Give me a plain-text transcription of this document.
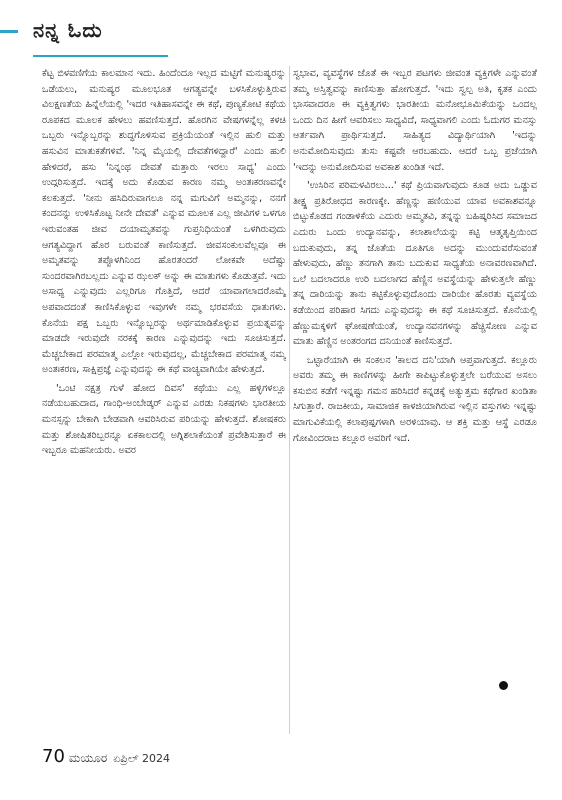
ನನ್ನ ಓದು

ಕೆಟ್ಟ ಬಿಳವಣಿಗೆಯ ಕಾಲಮಾನ ಇದು. ಹಿಂದೆಂದೂ ಇಲ್ಲದ ಮಟ್ಟಿಗೆ ಮನುಷ್ಯರನ್ನು ಒಡೆಯಲು, ಮನುಷ್ಯರ ಮೂಲಭೂತ ಆಗತ್ಯವನ್ನೇ ಬಳಸಿಕೊಳ್ಳುತ್ತಿರುವ ವಿಲಕ್ಷಣತೆಯ ಹಿನ್ನೆಲೆಯಲ್ಲಿ 'ಇದರ ಇತಿಹಾಸವನ್ನೇ ಈ ಕಥೆ, ಪುಣ್ಯಕೋಟಿ ಕಥೆಯ ರೂಪಕದ ಮೂಲಕ ಹೇಳಲು ಹವಣಿಸುತ್ತದೆ. ಹೊರಗಿನ ವೇಷಗಳನ್ನೆಲ್ಲ ಕಳಚಿ ಒಬ್ಬರು ಇನ್ನೊಬ್ಬರನ್ನು ಶುದ್ಧಗೊಳಿಸುವ ಪ್ರಕ್ರಿಯೆಯಂತೆ ಇಲ್ಲಿನ ಹುಲಿ ಮತ್ತು ಹಸುವಿನ ಮಾತುಕತೆಗಳಿವೆ. 'ನಿನ್ನ ಮೈಯಲ್ಲಿ ದೇವತೆಗಳಿದ್ದಾರೆ' ಎಂದು ಹುಲಿ ಹೇಳಿದರೆ, ಹಸು 'ನಿನ್ನಂಥ ದೇವತೆ ಮತ್ತಾರು ಇರಲು ಸಾಧ್ಯ' ಎಂದು ಉದ್ಗರಿಸುತ್ತದೆ. ಇದಕ್ಕೆ ಅದು ಕೊಡುವ ಕಾರಣ ನಮ್ಮ ಅಂತಃಕರಣವನ್ನೇ ಕಲಕುತ್ತದೆ. 'ನೀನು ಹಸಿದಿರುವಾಗಲೂ ನನ್ನ ಮಗುವಿಗೆ ಅಮ್ಮನನ್ನು, ನನಗೆ ಕಂದನನ್ನು ಉಳಿಸಿಕೊಟ್ಟ ನೀನೇ ದೇವತೆ' ಎನ್ನುವ ಮೂಲಕ ಎಲ್ಲ ಜೀವಿಗಳ ಒಳಗೂ ಇರುವಂತಹ ಜೀವ ದಯಾಮೃತವನ್ನು ಗುಪ್ತನಿಧಿಯಂತೆ ಒಳಗಿರುವುದು ಆಗತ್ಯವಿದ್ದಾಗ ಹೊರ ಬರುವಂತೆ ಕಾಣಿಸುತ್ತದೆ. ಜೀವಸಂಕುಲವೆಲ್ಲವೂ ಈ ಅಮೃತವನ್ನು ತಪ್ಪೊಳಗಿನಿಂದ ಹೊರತಂದರೆ ಲೋಕವೇ ಅದೆಷ್ಟು ಸುಂದರವಾಗಿರಬಲ್ಲದು ಎನ್ನುವ ಝಲಕ್ ಅನ್ನು ಈ ಮಾತುಗಳು ಕೊಡುತ್ತವೆ. ಇದು ಅಸಾಧ್ಯ ಎನ್ನುವುದು ಎಲ್ಲರಿಗೂ ಗೊತ್ತಿದೆ, ಆದರೆ ಯಾವಾಗಲಾದರೊಮ್ಮೆ ಅಪವಾದದಂತೆ ಕಾಣಿಸಿಕೊಳ್ಳುವ ಇವುಗಳೇ ನಮ್ಮ ಭರವಸೆಯ ಧಾತುಗಳು. ಕೊನೆಯ ಪಕ್ಷ ಒಬ್ಬರು ಇನ್ನೊಬ್ಬರನ್ನು ಅರ್ಥಮಾಡಿಕೊಳ್ಳುವ ಪ್ರಯತ್ನವನ್ನು ಮಾಡದೇ ಇರುವುದೇ ನರಕಕ್ಕೆ ಕಾರಣ ಎನ್ನುವುದನ್ನು ಇದು ಸೂಚಿಸುತ್ತದೆ. ಮೆಚ್ಚಬೇಕಾದ ಪರಮಾತ್ಮ ಎಲ್ಲೋ ಇರುವುದಲ್ಲ, ಮೆಚ್ಚಬೇಕಾದ ಪರಮಾತ್ಮ ನಮ್ಮ ಅಂತಃಕರಣ, ಸಾಕ್ಷಿಪ್ರಜ್ಞೆ ಎನ್ನುವುದನ್ನು ಈ ಕಥೆ ವಾಚ್ಯವಾಗಿಯೇ ಹೇಳುತ್ತದೆ.

'ಒಂಟಿ ನಕ್ಷತ್ರ ಗುಳೆ ಹೋದ ದಿವಸ' ಕಥೆಯು ಎಲ್ಲ ಹಳ್ಳಿಗಳಲ್ಲೂ ನಡೆಯಬಹುದಾದ, ಗಾಂಧಿ-ಅಂಬೇಡ್ಕರ್ ಎನ್ನುವ ಎರಡು ನಿಕಷಗಳು ಭಾರತೀಯ ಮನಸ್ಸನ್ನು ಬೇಕಾಗಿ ಬೇಡವಾಗಿ ಆವರಿಸಿರುವ ಪರಿಯನ್ನು ಹೇಳುತ್ತದೆ. ಶೋಷಕರು ಮತ್ತು ಶೋಷಿತರಿಬ್ಬರನ್ನೂ ಏಕಕಾಲದಲ್ಲಿ ಅಗ್ನಿಶಲಾಕೆಯಂತೆ ಪ್ರವೇಶಿಸುತ್ತಾರೆ ಈ ಇಬ್ಬರೂ ಮಹನೀಯರು. ಅವರ

ಸ್ವಭಾವ, ವ್ಯವಸ್ಥೆಗಳ ಜೊತೆ ಈ ಇಬ್ಬರ ಪಟಗಳು ಜೀವಂತ ವ್ಯಕ್ತಿಗಳೇ ಎನ್ನುವಂತೆ ತಮ್ಮ ಅಸ್ತಿತ್ವವನ್ನು ಕಾಣಿಸುತ್ತಾ ಹೋಗುತ್ತದೆ. 'ಇದು ಸ್ವಲ್ಪ ಅತಿ, ಕೃತಕ ಎಂದು ಭಾಸವಾದರೂ ಈ ವ್ಯಕ್ತಿತ್ವಗಳು ಭಾರತೀಯ ಮನೋಭೂಮಿಕೆಯನ್ನು ಒಂದಲ್ಲ ಒಂದು ದಿನ ಹೀಗೆ ಆವರಿಸಲು ಸಾಧ್ಯವಿದೆ, ಸಾಧ್ಯವಾಗಲಿ ಎಂದು ಓದುಗರ ಮನಸ್ಸು ಆರ್ತವಾಗಿ ಪ್ರಾರ್ಥಿಸುತ್ತದೆ. ಸಾಹಿತ್ಯದ ವಿದ್ಯಾರ್ಥಿಯಾಗಿ 'ಇದನ್ನು ಅನುಮೋದಿಸುವುದು ತುಸು ಕಷ್ಟವೇ ಆರಬಹುದು. ಆದರೆ ಒಬ್ಬ ಪ್ರಜೆಯಾಗಿ 'ಇದನ್ನು ಅನುಮೋದಿಸುವ ಅವಕಾಶ ಖಂಡಿತ ಇದೆ.

'ಉಸಿರಿನ ಪರಿಮಳವಿರಲು...' ಕಥೆ ಪ್ರಿಯವಾಗುವುದು ಕೂಡ ಅದು ಒಡ್ಡುವ ತೀಕ್ಷ್ಣ ಪ್ರತಿರೋಧದ ಕಾರಣಕ್ಕೇ. ಹೆಣ್ಣನ್ನು ಹಣಿಯುವ ಯಾವ ಅವಕಾಶವನ್ನೂ ಬಿಟ್ಟುಕೊಡದ ಗಂಡಾಳಿಕೆಯ ಎದುರು ಅಮ್ಮತವಿ, ತನ್ನನ್ನು ಬಹಿಷ್ಕರಿಸಿದ ಸಮಾಜದ ಎದುರು ಒಂದು ಉದ್ಯಾನವನ್ನು, ಕಲಾಶಾಲೆಯನ್ನು ಕಟ್ಟಿ ಆತ್ಮತೃಪ್ತಿಯಿಂದ ಬದುಕುವುದು, ತನ್ನ ಜೊತೆಯ ದೂತಿಗೂ ಅದನ್ನು ಮುಂದುವರೆಸುವಂತೆ ಹೇಳುವುದು, ಹೆಣ್ಣು ತನಗಾಗಿ ತಾನು ಬದುಕುವ ಸಾಧ್ಯತೆಯ ಅನಾವರಣವಾಗಿದೆ. ಒಲೆ ಬದಲಾದರೂ ಉರಿ ಬದಲಾಗದ ಹೆಣ್ಣಿನ ಅವಸ್ಥೆಯನ್ನು ಹೇಳುತ್ತಲೇ ಹೆಣ್ಣು ತನ್ನ ದಾರಿಯನ್ನು ತಾನು ಕಟ್ಟಿಕೊಳ್ಳುವುದೊಂದು ದಾರಿಯೇ ಹೊರತು ವ್ಯವಸ್ಥೆಯ ಕಡೆಯಿಂದ ಪರಿಹಾರ ಸಿಗದು ಎನ್ನುವುದನ್ನು ಈ ಕಥೆ ಸೂಚಿಸುತ್ತದೆ. ಕೊನೆಯಲ್ಲಿ ಹೆಣ್ಣುಮಕ್ಕಳಿಗೆ ಘೋಷಣೆಯಂತೆ, ಉದ್ಯಾನವನಗಳನ್ನು ಹೆಚ್ಚಿಸೋಣ ಎನ್ನುವ ಮಾತು ಹೆಣ್ಣಿನ ಅಂತರಂಗದ ದನಿಯಂತೆ ಕಾಣಿಸುತ್ತದೆ.

ಒಟ್ಟಾರೆಯಾಗಿ ಈ ಸಂಕಲನ 'ಕಾಲದ ದನಿ'ಯಾಗಿ ಆಪ್ತವಾಗುತ್ತದೆ. ಕಲ್ಲೂರು ಅವರು ತಮ್ಮ ಈ ಕಾಣಿಗಳನ್ನು ಹೀಗೇ ಕಾಪಿಟ್ಟುಕೊಳ್ಳುತ್ತಲೇ ಬರೆಯುವ ಅಸಲು ಕಸುಬಿನ ಕಡೆಗೆ ಇನ್ನಷ್ಟು ಗಮನ ಹರಿಸಿದರೆ ಕನ್ನಡಕ್ಕೆ ಅತ್ಯುತ್ತಮ ಕಥೆಗಾರ ಖಂಡಿತಾ ಸಿಗುತ್ತಾರೆ. ರಾಜಕೀಯ, ಸಾಮಾಜಿಕ ಕಾಳಜಿಯಾಗಿರುವ ಇಲ್ಲಿನ ವಸ್ತುಗಳು ಇನ್ನಷ್ಟು ಮಾಗುವಿಕೆಯಲ್ಲಿ ಕಲಾಪುಷ್ಪಗಳಾಗಿ ಅರಳಿಯಾವು. ಆ ಶಕ್ತಿ ಮತ್ತು ಆಸ್ಥೆ ಎರಡೂ ಗೋವಿಂದರಾಜ ಕಲ್ಲೂರ ಅವರಿಗೆ ಇದೆ.

70 ಮಯೂರ ಏಪ್ರಿಲ್ 2024
